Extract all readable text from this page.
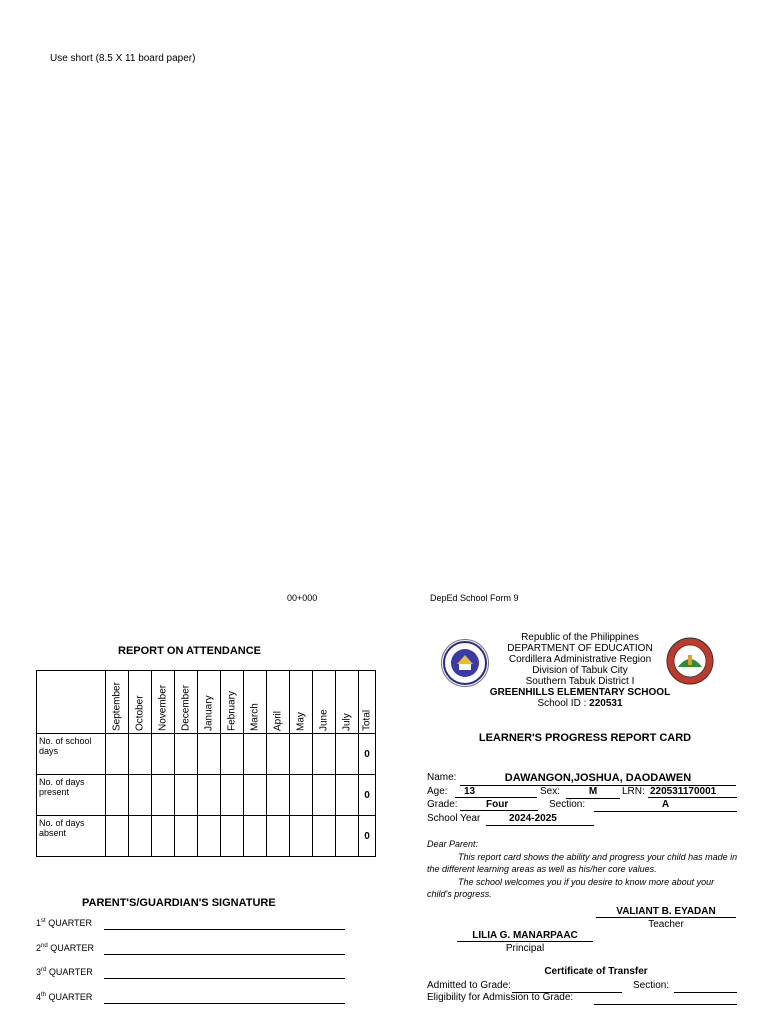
Use short (8.5 X 11 board paper)
00+000	DepEd School Form 9
REPORT ON ATTENDANCE

	September	October	November	December	January	February	March	April	May	June	July	Total

No. of school days												0
No. of days present												0
No. of days absent												0
PARENT'S/GUARDIAN'S SIGNATURE
1st QUARTER
2nd QUARTER
3rd QUARTER
4th QUARTER
Republic of the Philippines
DEPARTMENT OF EDUCATION
Cordillera Administrative Region
Division of Tabuk City
Southern Tabuk District I
GREENHILLS ELEMENTARY SCHOOL
School ID : 220531
LEARNER'S PROGRESS REPORT CARD
Name:	DAWANGON,JOSHUA, DAODAWEN
Age:	13	Sex:	M	LRN: 220531170001
Grade:	Four	Section:	A
School Year	2024-2025
Dear Parent:
This report card shows the ability and progress your child has made in the different learning areas as well as his/her core values.
The school welcomes you if you desire to know more about your child's progress.
VALIANT B. EYADAN
Teacher
LILIA G. MANARPAAC
Principal
Certificate of Transfer
Admitted to Grade:	Section:
Eligibility for Admission to Grade:
